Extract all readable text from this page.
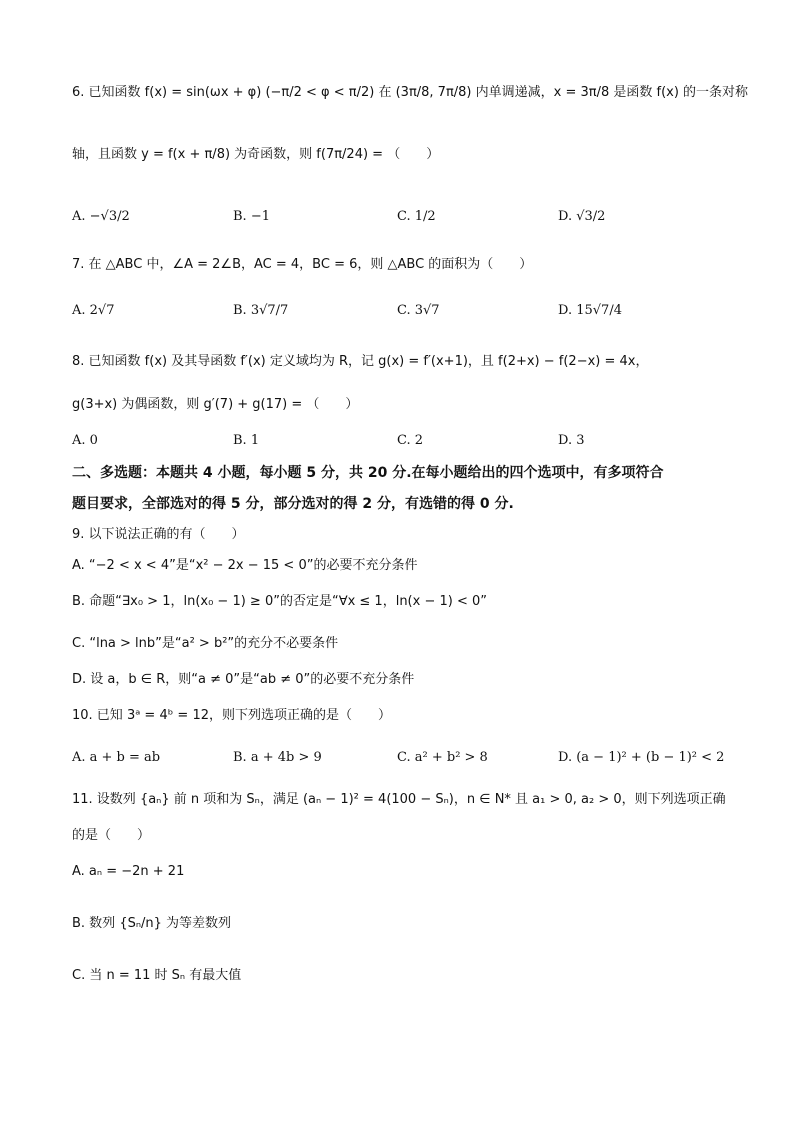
6. 已知函数 f(x) = sin(ωx + φ) (−π/2 < φ < π/2) 在 (3π/8, 7π/8) 内单调递减，x = 3π/8 是函数 f(x) 的一条对称
轴，且函数 y = f(x + π/8) 为奇函数，则 f(7π/24) = （　　）
A. −√3/2	B. −1	C. 1/2	D. √3/2
7. 在 △ABC 中，∠A = 2∠B，AC = 4，BC = 6，则 △ABC 的面积为（　　）
A. 2√7	B. 3√7/7	C. 3√7	D. 15√7/4
8. 已知函数 f(x) 及其导函数 f′(x) 定义域均为 R，记 g(x) = f′(x+1)，且 f(2+x) − f(2−x) = 4x，
g(3+x) 为偶函数，则 g′(7) + g(17) = （　　）
A. 0	B. 1	C. 2	D. 3
二、多选题：本题共 4 小题，每小题 5 分，共 20 分.在每小题给出的四个选项中，有多项符合
题目要求，全部选对的得 5 分，部分选对的得 2 分，有选错的得 0 分.
9. 以下说法正确的有（　　）
A. “−2 < x < 4”是“x² − 2x − 15 < 0”的必要不充分条件
B. 命题“∃x₀ > 1，ln(x₀ − 1) ≥ 0”的否定是“∀x ≤ 1，ln(x − 1) < 0”
C. “lna > lnb”是“a² > b²”的充分不必要条件
D. 设 a，b ∈ R，则“a ≠ 0”是“ab ≠ 0”的必要不充分条件
10. 已知 3ᵃ = 4ᵇ = 12，则下列选项正确的是（　　）
A. a + b = ab	B. a + 4b > 9	C. a² + b² > 8	D. (a − 1)² + (b − 1)² < 2
11. 设数列 {aₙ} 前 n 项和为 Sₙ，满足 (aₙ − 1)² = 4(100 − Sₙ)，n ∈ N* 且 a₁ > 0, a₂ > 0，则下列选项正确
的是（　　）
A. aₙ = −2n + 21
B. 数列 {Sₙ/n} 为等差数列
C. 当 n = 11 时 Sₙ 有最大值
